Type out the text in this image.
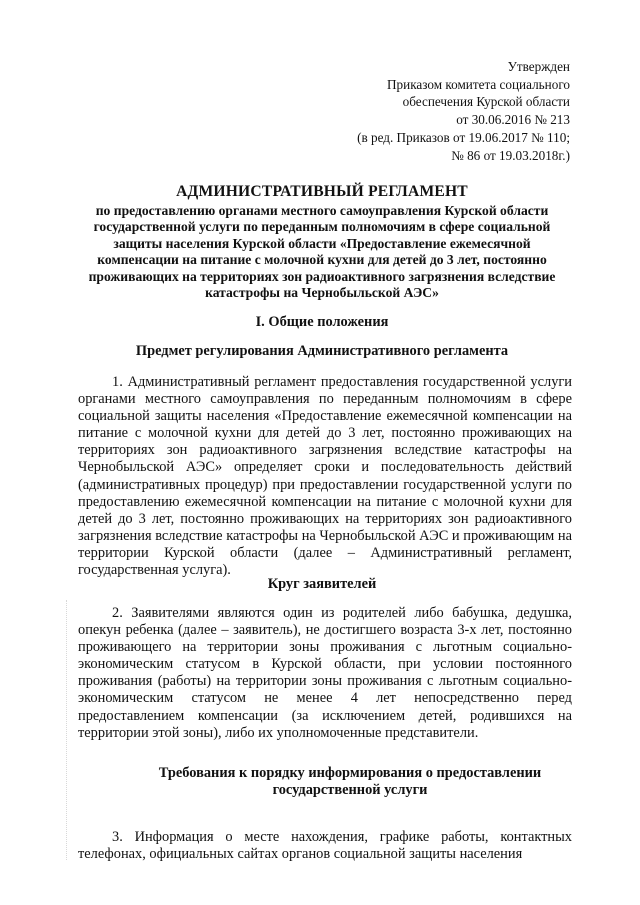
Утвержден
Приказом комитета социального
обеспечения Курской области
от 30.06.2016 № 213
(в ред. Приказов от 19.06.2017 № 110;
№ 86 от 19.03.2018г.)
АДМИНИСТРАТИВНЫЙ РЕГЛАМЕНТ
по предоставлению органами местного самоуправления Курской области государственной услуги по переданным полномочиям в сфере социальной защиты населения Курской области «Предоставление ежемесячной компенсации на питание с молочной кухни для детей до 3 лет, постоянно проживающих на территориях зон радиоактивного загрязнения вследствие катастрофы на Чернобыльской АЭС»
I. Общие положения
Предмет регулирования Административного регламента
1. Административный регламент предоставления государственной услуги органами местного самоуправления по переданным полномочиям в сфере социальной защиты населения «Предоставление ежемесячной компенсации на питание с молочной кухни для детей до 3 лет, постоянно проживающих на территориях зон радиоактивного загрязнения вследствие катастрофы на Чернобыльской АЭС» определяет сроки и последовательность действий (административных процедур) при предоставлении государственной услуги по предоставлению ежемесячной компенсации на питание с молочной кухни для детей до 3 лет, постоянно проживающих на территориях зон радиоактивного загрязнения вследствие катастрофы на Чернобыльской АЭС и проживающим на территории Курской области (далее – Административный регламент, государственная услуга).
Круг заявителей
2. Заявителями являются один из родителей либо бабушка, дедушка, опекун ребенка (далее – заявитель), не достигшего возраста 3-х лет, постоянно проживающего на территории зоны проживания с льготным социально-экономическим статусом в Курской области, при условии постоянного проживания (работы) на территории зоны проживания с льготным социально-экономическим статусом не менее 4 лет непосредственно перед предоставлением компенсации (за исключением детей, родившихся на территории этой зоны), либо их уполномоченные представители.
Требования к порядку информирования о предоставлении государственной услуги
3. Информация о месте нахождения, графике работы, контактных телефонах, официальных сайтах органов социальной защиты населения
